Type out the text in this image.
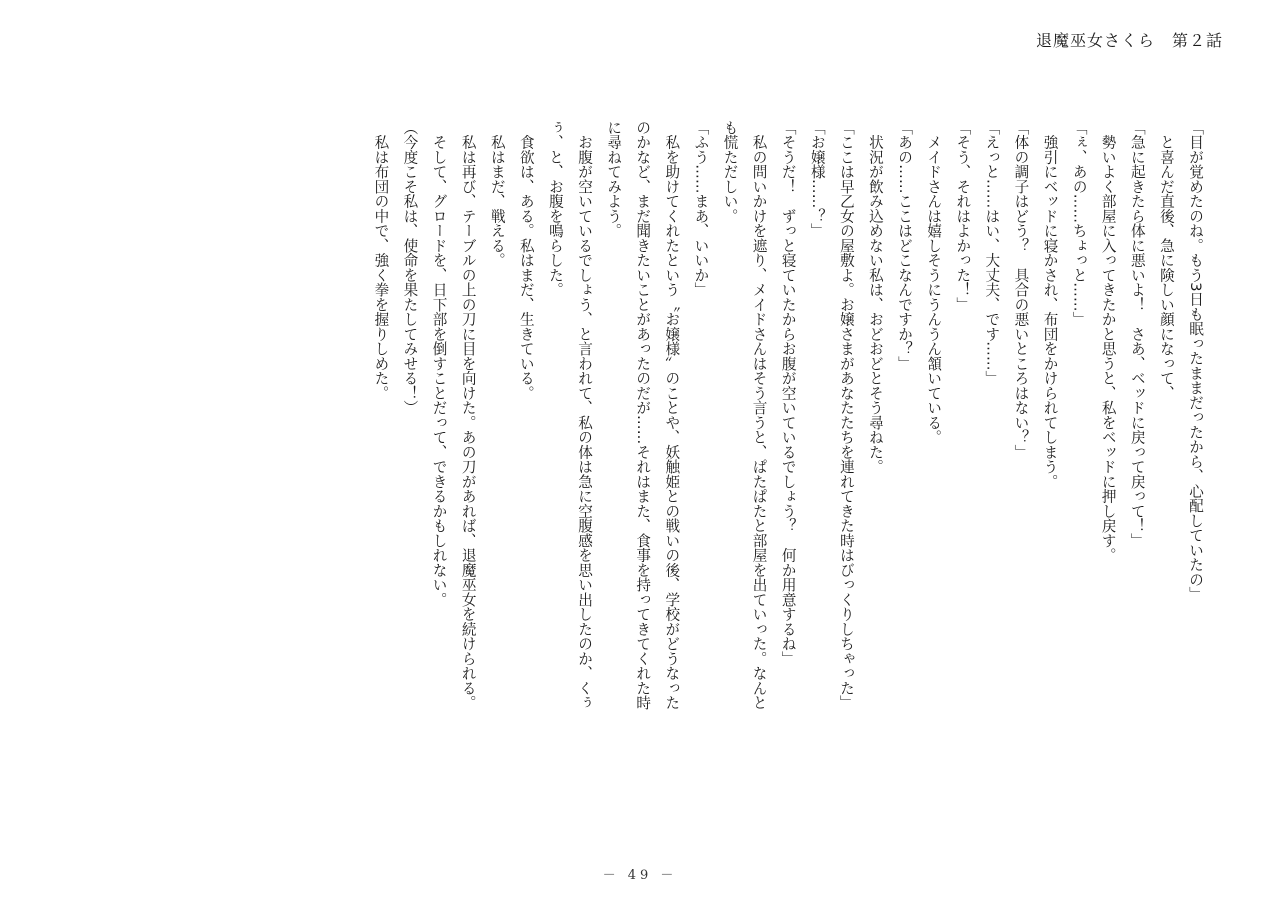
退魔巫女さくら　第２話
「目が覚めたのね。もう3日も眠ったままだったから、心配していたの」
　と喜んだ直後、急に険しい顔になって、
「急に起きたら体に悪いよ！　さあ、ベッドに戻って戻って！」
　勢いよく部屋に入ってきたかと思うと、私をベッドに押し戻す。
「ぇ、あの……ちょっと……」
　強引にベッドに寝かされ、布団をかけられてしまう。
「体の調子はどう？　具合の悪いところはない？」
「えっと……はい、大丈夫、です……」
「そう、それはよかった！」
　メイドさんは嬉しそうにうんうん頷いている。
「あの……ここはどこなんですか？」
　状況が飲み込めない私は、おどおどとそう尋ねた。
「ここは早乙女の屋敷よ。お嬢さまがあなたたちを連れてきた時はびっくりしちゃった」
「お嬢様……？」
「そうだ！　ずっと寝ていたからお腹が空いているでしょう？　何か用意するね」
　私の問いかけを遮り、メイドさんはそう言うと、ぱたぱたと部屋を出ていった。なんと
も慌ただしい。
「ふう……まあ、いいか」
　私を助けてくれたという〝お嬢様〟のことや、妖触姫との戦いの後、学校がどうなった
のかなど、まだ聞きたいことがあったのだが……それはまた、食事を持ってきてくれた時
に尋ねてみよう。
　お腹が空いているでしょう、と言われて、私の体は急に空腹感を思い出したのか、くぅ
ぅ、と、お腹を鳴らした。
　食欲は、ある。私はまだ、生きている。
　私はまだ、戦える。
　私は再び、テーブルの上の刀に目を向けた。あの刀があれば、退魔巫女を続けられる。
　そして、グロードを、日下部を倒すことだって、できるかもしれない。
（今度こそ私は、使命を果たしてみせる！）
　私は布団の中で、強く拳を握りしめた。
－ 49 －
